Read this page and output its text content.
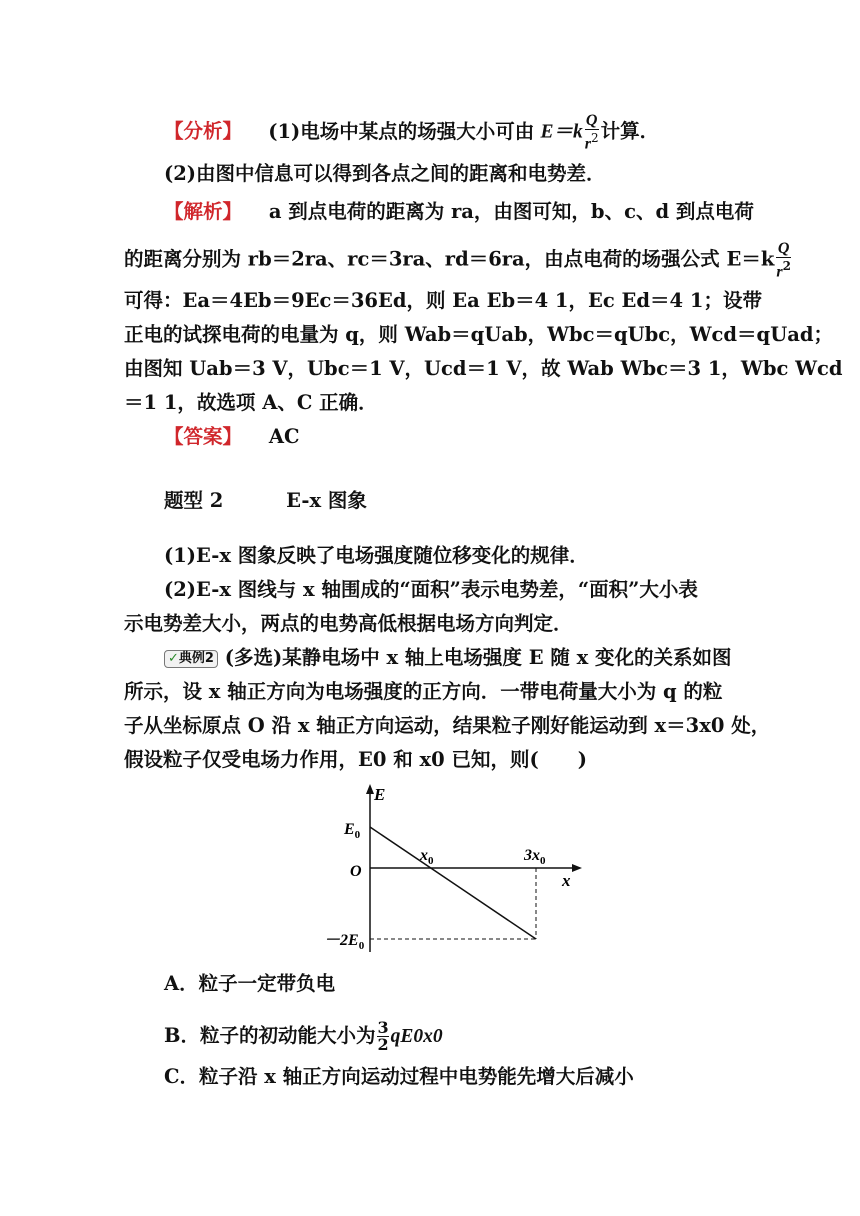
【分析】 (1)电场中某点的场强大小可由 $E=k \frac{Q}{r^2}$ 计算．
(2)由图中信息可以得到各点之间的距离和电势差．
【解析】 a 到点电荷的距离为 ra，由图可知，b、c、d 到点电荷
的距离分别为 rb＝2ra、rc＝3ra、rd＝6ra，由点电荷的场强公式 $E=k \frac{Q}{r^2}$
可得：Ea＝4Eb＝9Ec＝36Ed，则 Ea Eb＝4 1，Ec Ed＝4 1；设带
正电的试探电荷的电量为 q，则 Wab＝qUab，Wbc＝qUbc，Wcd＝qUad；
由图知 Uab＝3 V，Ubc＝1 V，Ucd＝1 V，故 Wab Wbc＝3 1，Wbc Wcd
＝1 1，故选项 A、C 正确．
【答案】 AC
题型 2	E-x 图象
(1)E-x 图象反映了电场强度随位移变化的规律．
(2)E-x 图线与 x 轴围成的“面积”表示电势差，“面积”大小表
示电势差大小，两点的电势高低根据电场方向判定．
✓典例2 (多选)某静电场中 x 轴上电场强度 E 随 x 变化的关系如图
所示，设 x 轴正方向为电场强度的正方向．一带电荷量大小为 q 的粒
子从坐标原点 O 沿 x 轴正方向运动，结果粒子刚好能运动到 x＝3x0 处，
假设粒子仅受电场力作用，E0 和 x0 已知，则(　　)
E
x
O
$E_0$
$-2E_0$
$x_0$	$3x_0$
A．粒子一定带负电
B．粒子的初动能大小为 $\frac{3}{2} qE0x0$
C．粒子沿 x 轴正方向运动过程中电势能先增大后减小
